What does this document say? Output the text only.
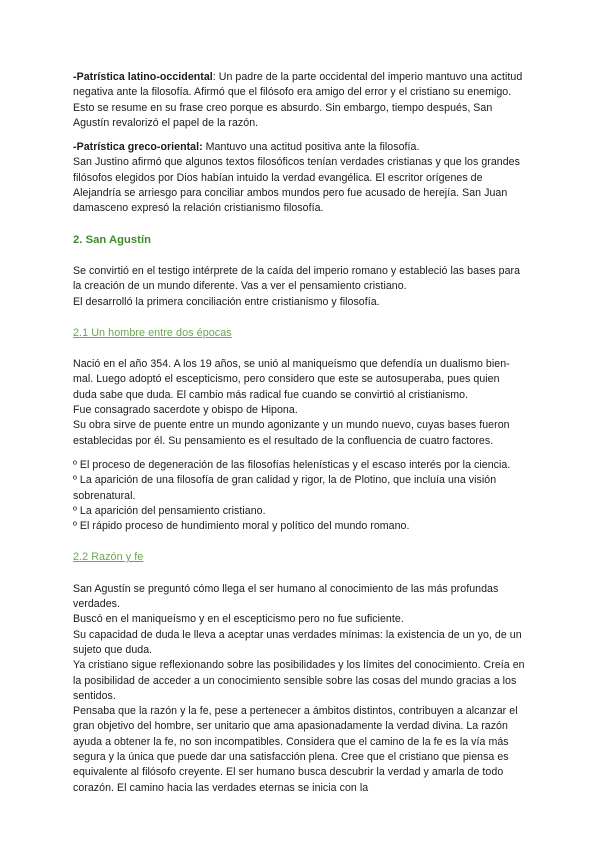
-Patrística latino-occidental: Un padre de la parte occidental del imperio mantuvo una actitud negativa ante la filosofía. Afirmó que el filósofo era amigo del error y el cristiano su enemigo. Esto se resume en su frase creo porque es absurdo. Sin embargo, tiempo después, San Agustín revalorizó el papel de la razón.

-Patrística greco-oriental: Mantuvo una actitud positiva ante la filosofía.

San Justino afirmó que algunos textos filosóficos tenían verdades cristianas y que los grandes filósofos elegidos por Dios habían intuido la verdad evangélica. El escritor orígenes de Alejandría se arriesgo para conciliar ambos mundos pero fue acusado de herejía. San Juan damasceno expresó la relación cristianismo filosofía.

2. San Agustín

Se convirtió en el testigo intérprete de la caída del imperio romano y estableció las bases para la creación de un mundo diferente. Vas a ver el pensamiento cristiano.

El desarrolló la primera conciliación entre cristianismo y filosofía.

2.1 Un hombre entre dos épocas

Nació en el año 354. A los 19 años, se unió al maniqueísmo que defendía un dualismo bien-mal. Luego adoptó el escepticismo, pero considero que este se autosuperaba, pues quien duda sabe que duda. El cambio más radical fue cuando se convirtió al cristianismo.

Fue consagrado sacerdote y obispo de Hipona.

Su obra sirve de puente entre un mundo agonizante y un mundo nuevo, cuyas bases fueron establecidas por él. Su pensamiento es el resultado de la confluencia de cuatro factores.

º El proceso de degeneración de las filosofías helenísticas y el escaso interés por la ciencia.

º La aparición de una filosofía de gran calidad y rigor, la de Plotino, que incluía una visión sobrenatural.

º La aparición del pensamiento cristiano.

º El rápido proceso de hundimiento moral y político del mundo romano.

2.2 Razón y fe

San Agustín se preguntó cómo llega el ser humano al conocimiento de las más profundas verdades.

Buscó en el maniqueísmo y en el escepticismo pero no fue suficiente.

Su capacidad de duda le lleva a aceptar unas verdades mínimas: la existencia de un yo, de un sujeto que duda.

Ya cristiano sigue reflexionando sobre las posibilidades y los límites del conocimiento. Creía en la posibilidad de acceder a un conocimiento sensible sobre las cosas del mundo gracias a los sentidos.

Pensaba que la razón y la fe, pese a pertenecer a ámbitos distintos, contribuyen a alcanzar el gran objetivo del hombre, ser unitario que ama apasionadamente la verdad divina. La razón ayuda a obtener la fe, no son incompatibles. Considera que el camino de la fe es la vía más segura y la única que puede dar una satisfacción plena. Cree que el cristiano que piensa es equivalente al filósofo creyente. El ser humano busca descubrir la verdad y amarla de todo corazón. El camino hacia las verdades eternas se inicia con la
